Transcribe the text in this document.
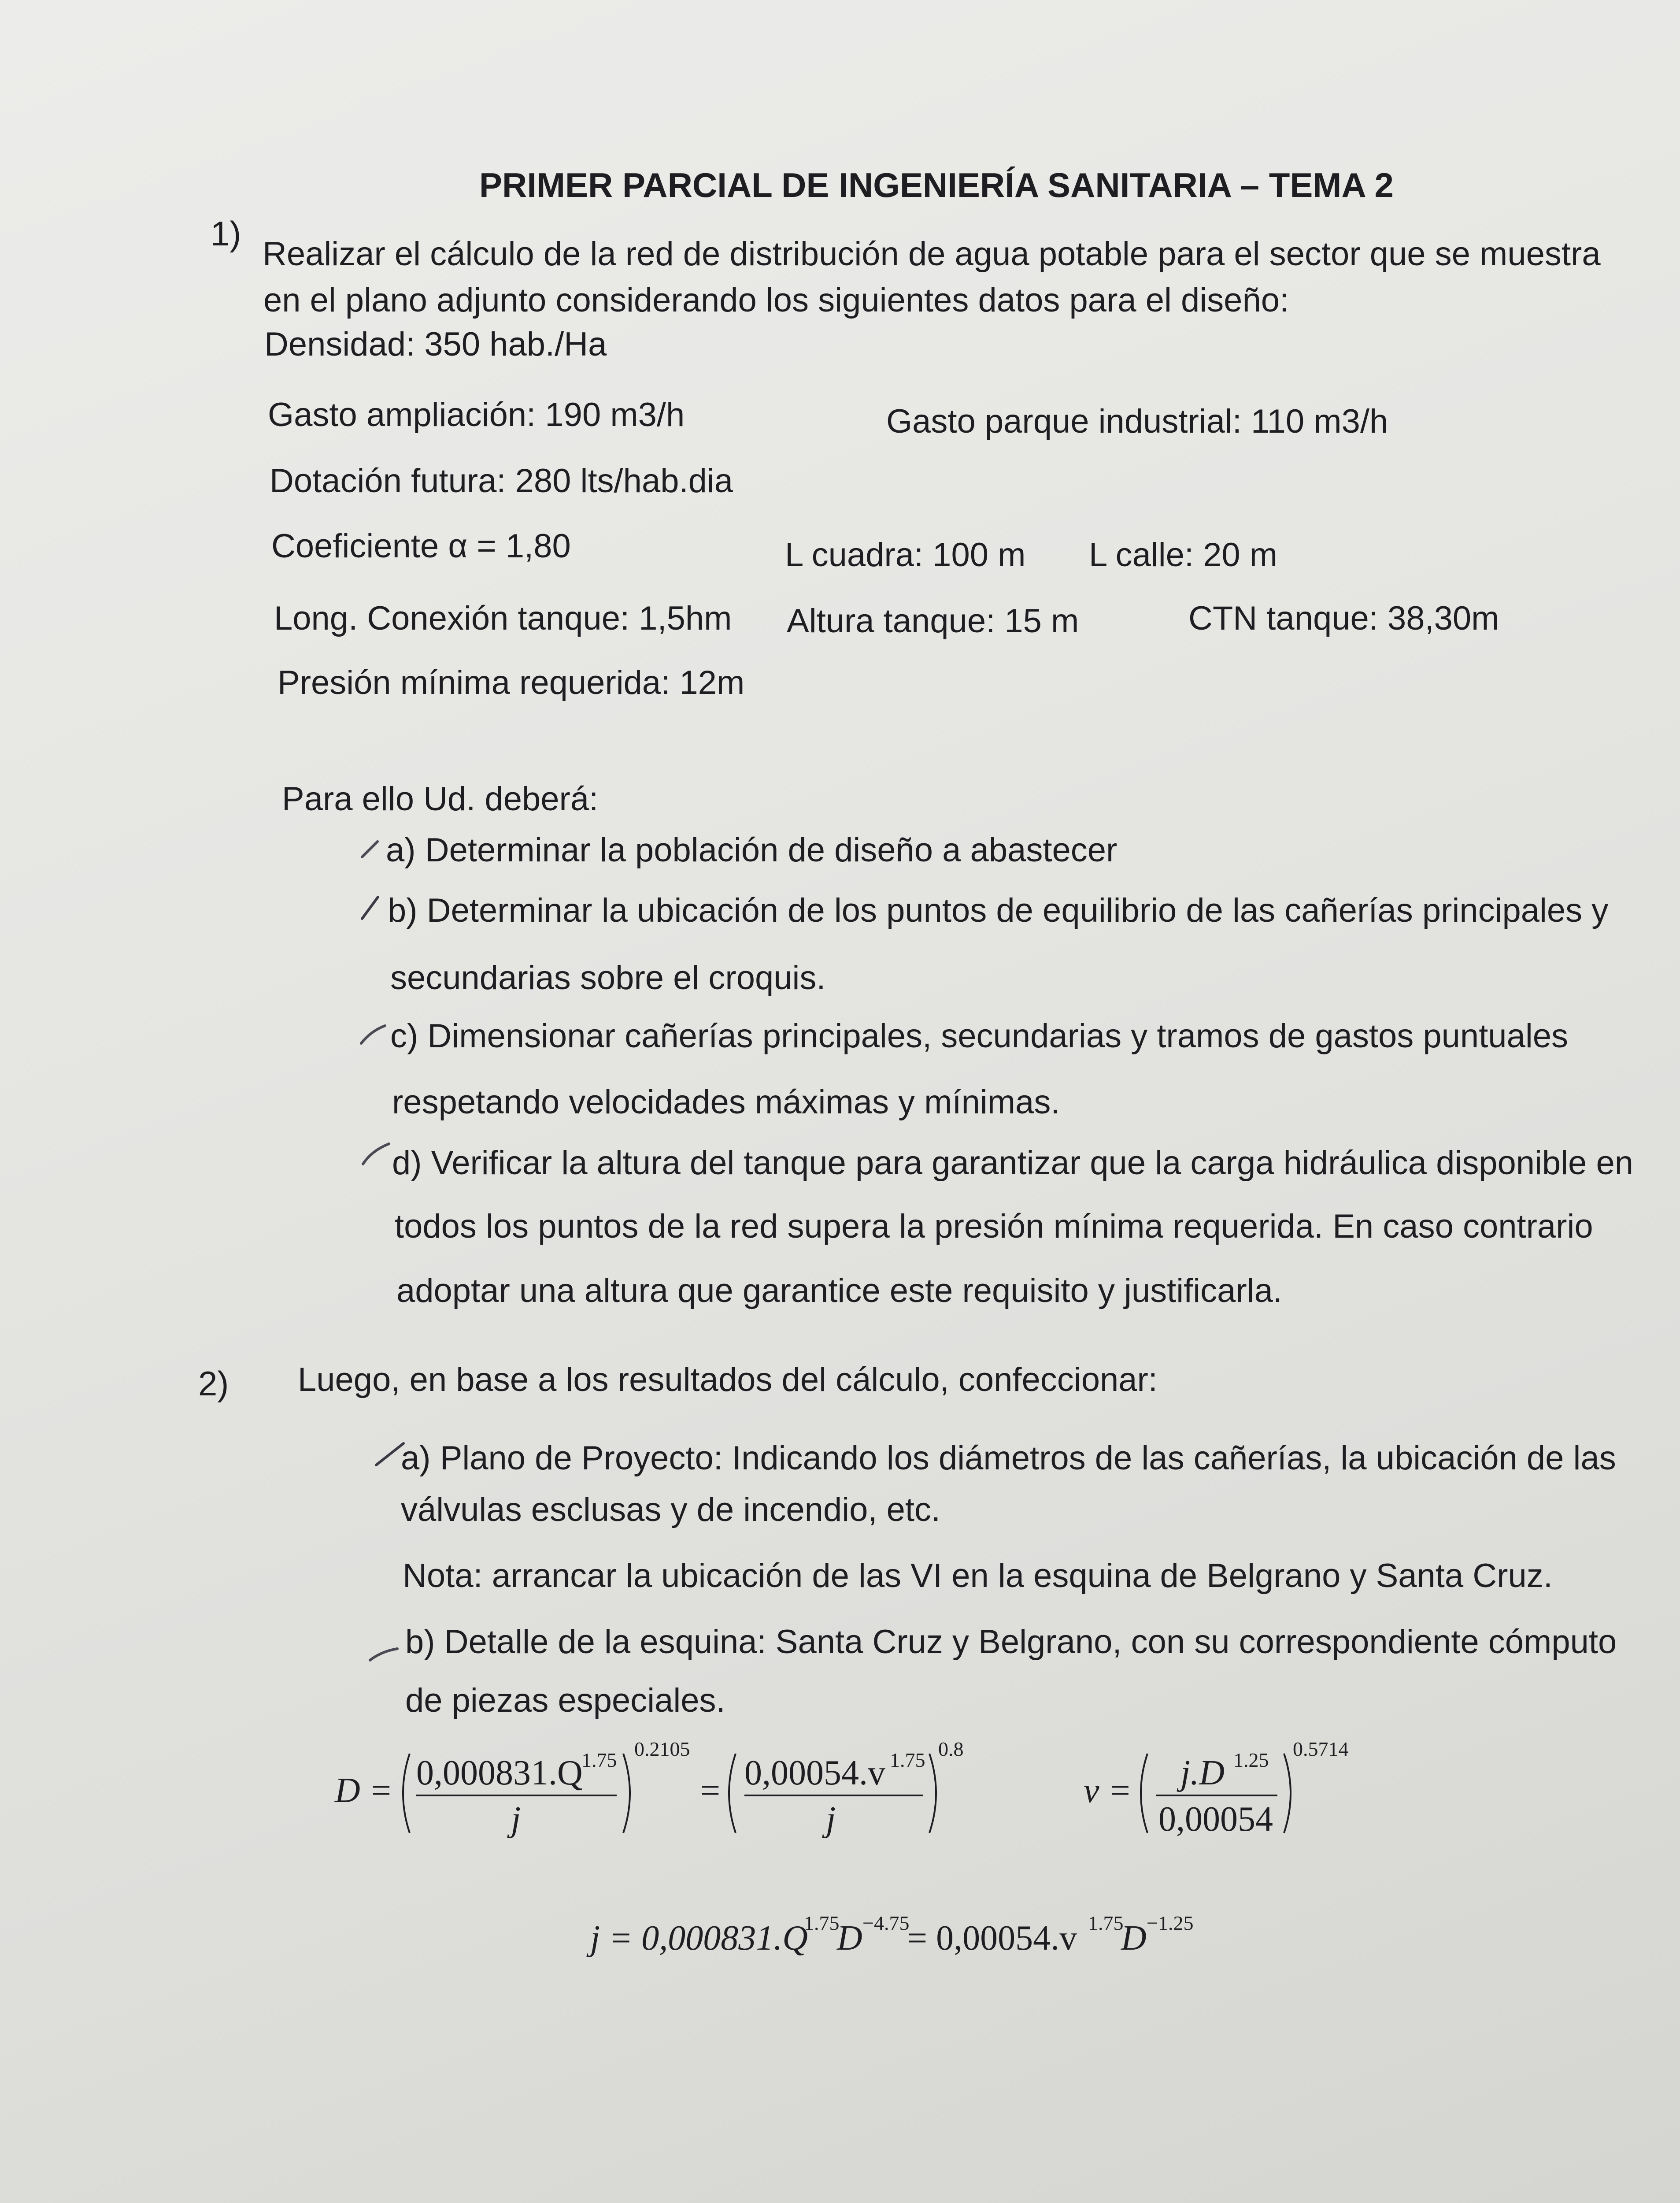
PRIMER PARCIAL DE INGENIERÍA SANITARIA – TEMA 2
1)
Realizar el cálculo de la red de distribución de agua potable para el sector que se muestra
en el plano adjunto considerando los siguientes datos para el diseño:
Densidad: 350 hab./Ha
Gasto ampliación: 190 m3/h	Gasto parque industrial: 110 m3/h
Dotación futura: 280 lts/hab.dia
Coeficiente α = 1,80	L cuadra: 100 m L calle: 20 m
Long. Conexión tanque: 1,5hm Altura tanque: 15 m	CTN tanque: 38,30m
Presión mínima requerida: 12m
Para ello Ud. deberá:
a) Determinar la población de diseño a abastecer
b) Determinar la ubicación de los puntos de equilibrio de las cañerías principales y
secundarias sobre el croquis.
c) Dimensionar cañerías principales, secundarias y tramos de gastos puntuales
respetando velocidades máximas y mínimas.
d) Verificar la altura del tanque para garantizar que la carga hidráulica disponible en
todos los puntos de la red supera la presión mínima requerida. En caso contrario
adoptar una altura que garantice este requisito y justificarla.
2) Luego, en base a los resultados del cálculo, confeccionar:
a) Plano de Proyecto: Indicando los diámetros de las cañerías, la ubicación de las
válvulas esclusas y de incendio, etc.
Nota: arrancar la ubicación de las VI en la esquina de Belgrano y Santa Cruz.
b) Detalle de la esquina: Santa Cruz y Belgrano, con su correspondiente cómputo
de piezas especiales.
D = 0,000831.Q
1.75
j
0.2105
= 0,00054.v 1.75
j
0.8
v = j.D 1.25
0,00054
0.5714
j = 0,000831.Q
1.75
D −4.75
= 0,00054.v 1.75
D −1.25
